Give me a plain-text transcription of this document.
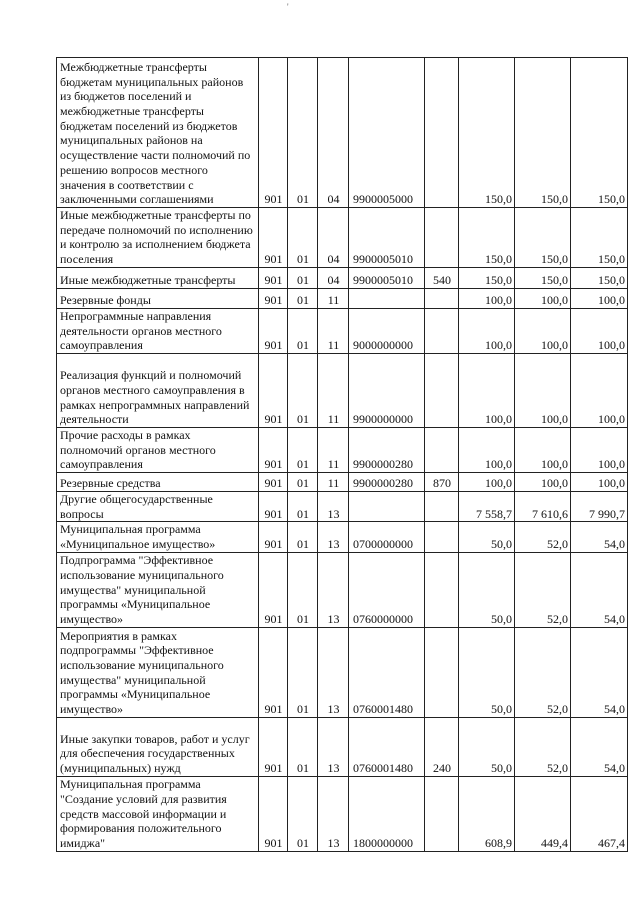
'
Межбюджетные трансферты бюджетам муниципальных районов из бюджетов поселений и межбюджетные трансферты бюджетам поселений из бюджетов муниципальных районов на осуществление части полномочий по решению вопросов местного значения в соответствии с заключенными соглашениями	901	01	04	9900005000		150,0	150,0	150,0
Иные межбюджетные трансферты по передаче полномочий по исполнению и контролю за исполнением бюджета поселения	901	01	04	9900005010		150,0	150,0	150,0
Иные межбюджетные трансферты	901	01	04	9900005010	540	150,0	150,0	150,0
Резервные фонды	901	01	11			100,0	100,0	100,0
Непрограммные направления деятельности органов местного самоуправления	901	01	11	9000000000		100,0	100,0	100,0
Реализация функций и полномочий органов местного самоуправления в рамках непрограммных направлений деятельности	901	01	11	9900000000		100,0	100,0	100,0
Прочие расходы в рамках полномочий органов местного самоуправления	901	01	11	9900000280		100,0	100,0	100,0
Резервные средства	901	01	11	9900000280	870	100,0	100,0	100,0
Другие общегосударственные вопросы	901	01	13			7 558,7	7 610,6	7 990,7
Муниципальная программа «Муниципальное имущество»	901	01	13	0700000000		50,0	52,0	54,0
Подпрограмма "Эффективное использование муниципального имущества" муниципальной программы «Муниципальное имущество»	901	01	13	0760000000		50,0	52,0	54,0
Мероприятия в рамках подпрограммы "Эффективное использование муниципального имущества" муниципальной программы «Муниципальное имущество»	901	01	13	0760001480		50,0	52,0	54,0
Иные закупки товаров, работ и услуг для обеспечения государственных (муниципальных) нужд	901	01	13	0760001480	240	50,0	52,0	54,0
Муниципальная программа "Создание условий для развития средств массовой информации и формирования положительного имиджа"	901	01	13	1800000000		608,9	449,4	467,4
